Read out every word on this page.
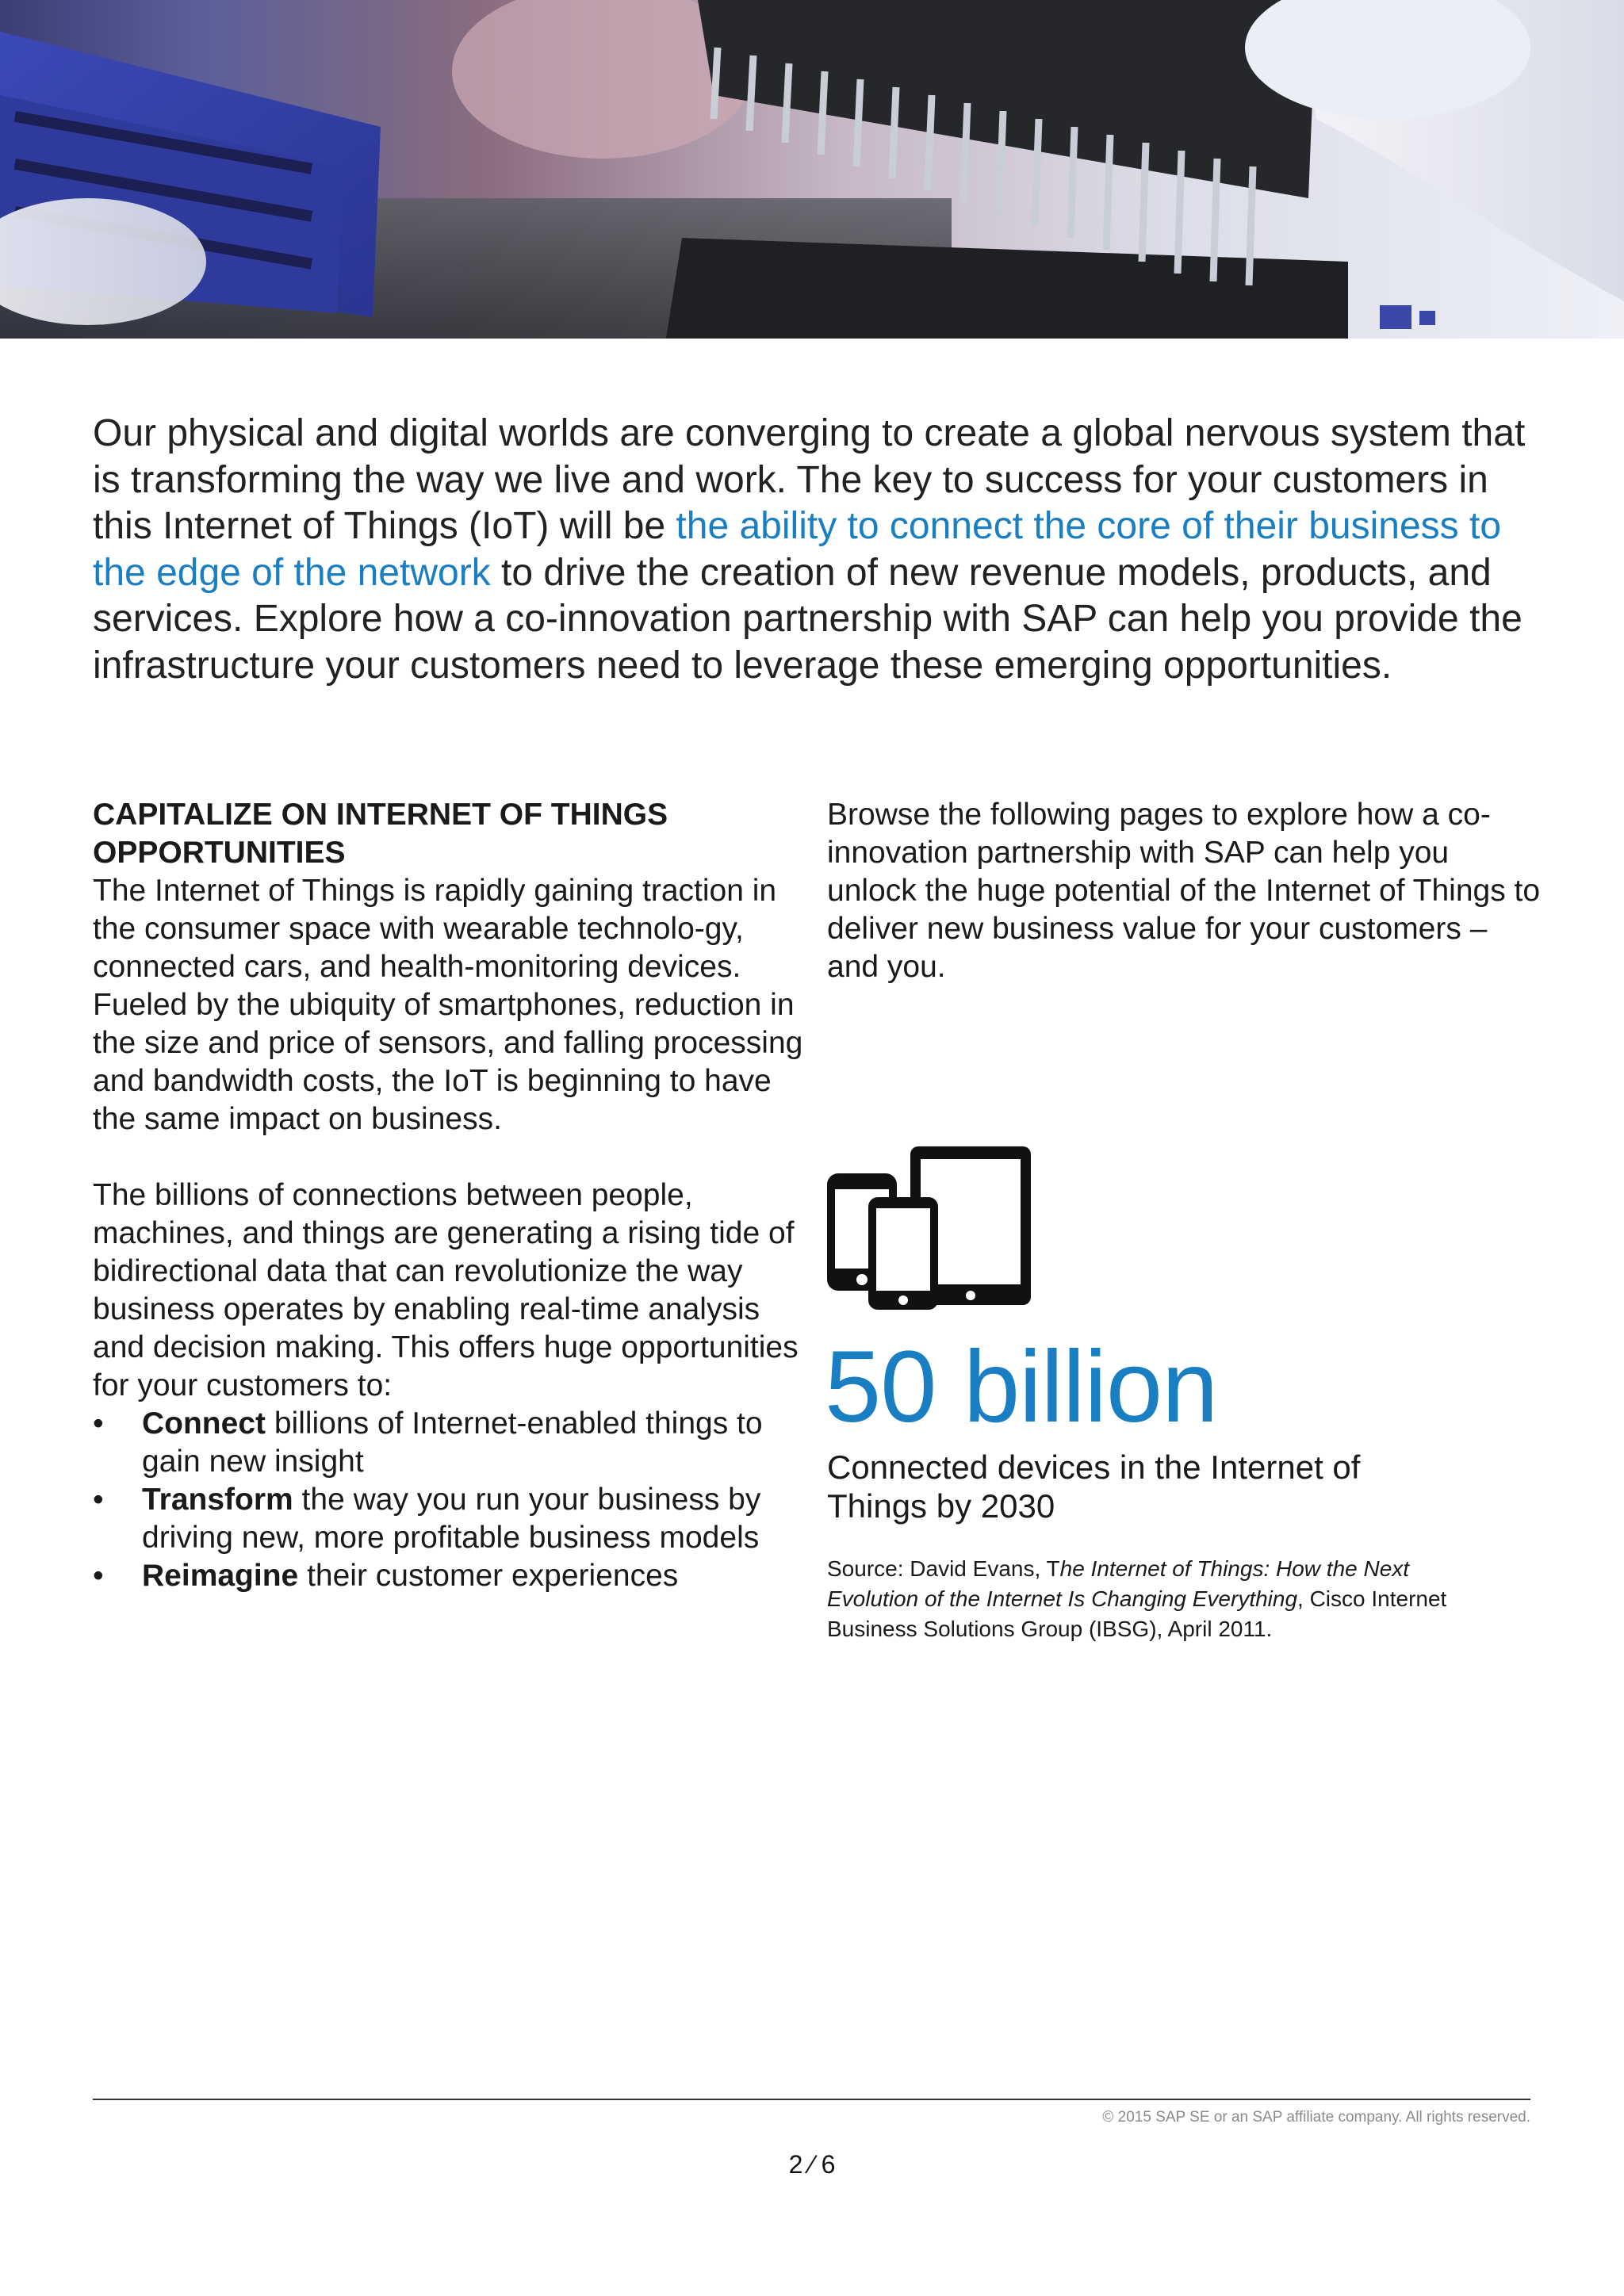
Our physical and digital worlds are converging to create a global nervous system that is transforming the way we live and work. The key to success for your customers in this Internet of Things (IoT) will be the ability to connect the core of their business to the edge of the network to drive the creation of new revenue models, products, and services. Explore how a co-innovation partnership with SAP can help you provide the infrastructure your customers need to leverage these emerging opportunities.

CAPITALIZE ON INTERNET OF THINGS OPPORTUNITIES

The Internet of Things is rapidly gaining traction in the consumer space with wearable technolo-gy, connected cars, and health-monitoring devices. Fueled by the ubiquity of smartphones, reduction in the size and price of sensors, and falling processing and bandwidth costs, the IoT is beginning to have the same impact on business.

The billions of connections between people, machines, and things are generating a rising tide of bidirectional data that can revolutionize the way business operates by enabling real-time analysis and decision making. This offers huge opportunities for your customers to:

• Connect billions of Internet-enabled things to gain new insight
• Transform the way you run your business by driving new, more profitable business models
• Reimagine their customer experiences

Browse the following pages to explore how a co-innovation partnership with SAP can help you unlock the huge potential of the Internet of Things to deliver new business value for your customers – and you.

50 billion
Connected devices in the Internet of Things by 2030
Source: David Evans, The Internet of Things: How the Next Evolution of the Internet Is Changing Everything, Cisco Internet Business Solutions Group (IBSG), April 2011.
© 2015 SAP SE or an SAP affiliate company. All rights reserved.
2 ⁄ 6
